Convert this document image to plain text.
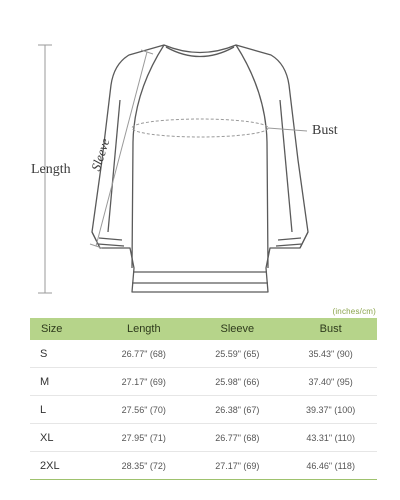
Length Sleeve
Bust
(inches/cm)
Size	Length	Sleeve	Bust
S	26.77" (68)	25.59" (65)	35.43" (90)
M	27.17" (69)	25.98" (66)	37.40" (95)
L	27.56" (70)	26.38" (67)	39.37" (100)
XL	27.95" (71)	26.77" (68)	43.31" (110)
2XL	28.35" (72)	27.17" (69)	46.46" (118)
